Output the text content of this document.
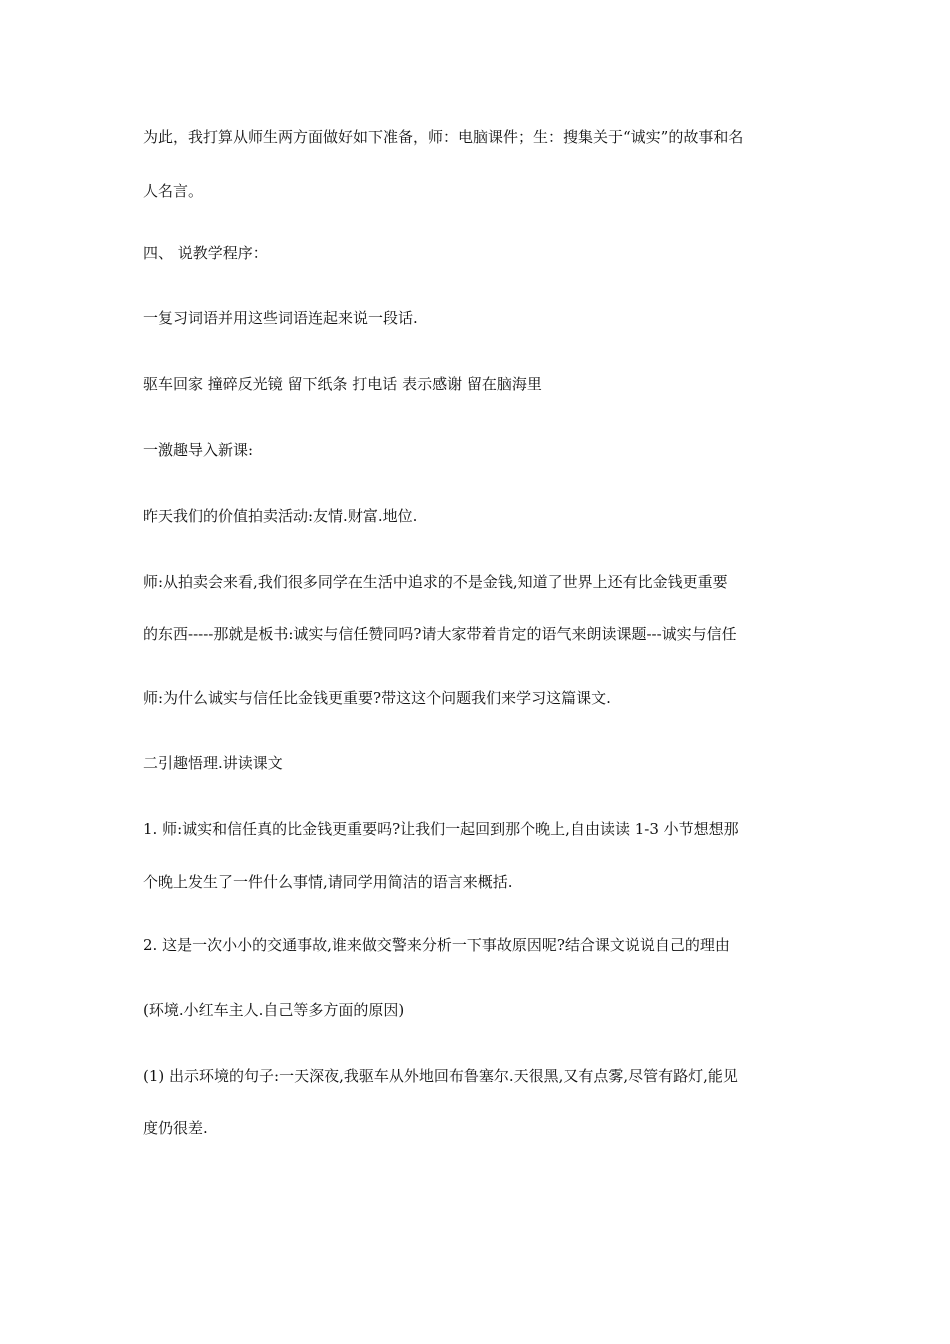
为此，我打算从师生两方面做好如下准备，师：电脑课件；生：搜集关于“诚实”的故事和名
人名言。
四、 说教学程序：
一复习词语并用这些词语连起来说一段话.
驱车回家 撞碎反光镜 留下纸条 打电话 表示感谢 留在脑海里
一激趣导入新课:
昨天我们的价值拍卖活动:友情.财富.地位.
师:从拍卖会来看,我们很多同学在生活中追求的不是金钱,知道了世界上还有比金钱更重要
的东西-----那就是板书:诚实与信任赞同吗?请大家带着肯定的语气来朗读课题---诚实与信任
师:为什么诚实与信任比金钱更重要?带这这个问题我们来学习这篇课文.
二引趣悟理.讲读课文
1. 师:诚实和信任真的比金钱更重要吗?让我们一起回到那个晚上,自由读读 1-3 小节想想那
个晚上发生了一件什么事情,请同学用简洁的语言来概括.
2. 这是一次小小的交通事故,谁来做交警来分析一下事故原因呢?结合课文说说自己的理由
(环境.小红车主人.自己等多方面的原因)
(1) 出示环境的句子:一天深夜,我驱车从外地回布鲁塞尔.天很黑,又有点雾,尽管有路灯,能见
度仍很差.
